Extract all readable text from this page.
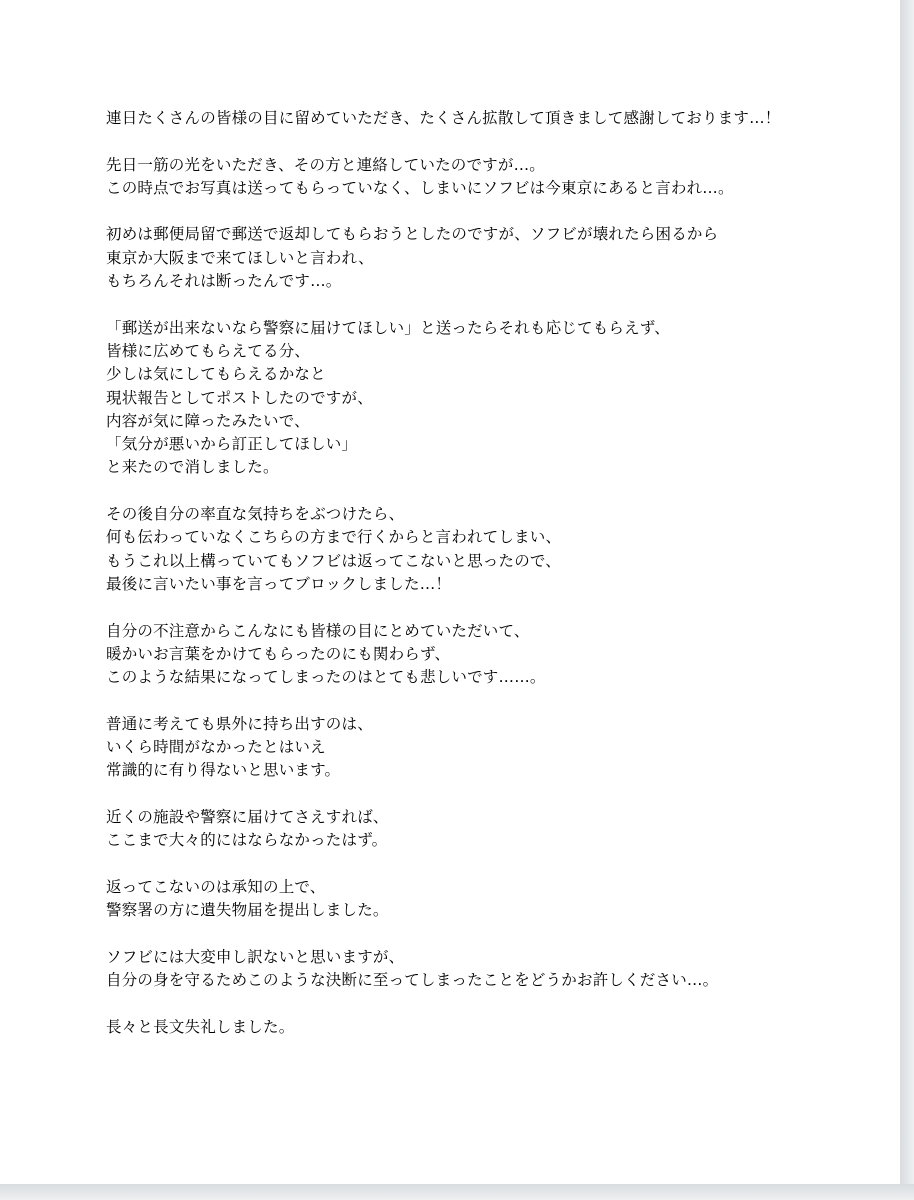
連日たくさんの皆様の目に留めていただき、たくさん拡散して頂きまして感謝しております…！

先日一筋の光をいただき、その方と連絡していたのですが…。
この時点でお写真は送ってもらっていなく、しまいにソフビは今東京にあると言われ…。

初めは郵便局留で郵送で返却してもらおうとしたのですが、ソフビが壊れたら困るから
東京か大阪まで来てほしいと言われ、
もちろんそれは断ったんです…。

「郵送が出来ないなら警察に届けてほしい」と送ったらそれも応じてもらえず、
皆様に広めてもらえてる分、
少しは気にしてもらえるかなと
現状報告としてポストしたのですが、
内容が気に障ったみたいで、
「気分が悪いから訂正してほしい」
と来たので消しました。

その後自分の率直な気持ちをぶつけたら、
何も伝わっていなくこちらの方まで行くからと言われてしまい、
もうこれ以上構っていてもソフビは返ってこないと思ったので、
最後に言いたい事を言ってブロックしました…！

自分の不注意からこんなにも皆様の目にとめていただいて、
暖かいお言葉をかけてもらったのにも関わらず、
このような結果になってしまったのはとても悲しいです……。

普通に考えても県外に持ち出すのは、
いくら時間がなかったとはいえ
常識的に有り得ないと思います。

近くの施設や警察に届けてさえすれば、
ここまで大々的にはならなかったはず。

返ってこないのは承知の上で、
警察署の方に遺失物届を提出しました。

ソフビには大変申し訳ないと思いますが、
自分の身を守るためこのような決断に至ってしまったことをどうかお許しください…。

長々と長文失礼しました。
